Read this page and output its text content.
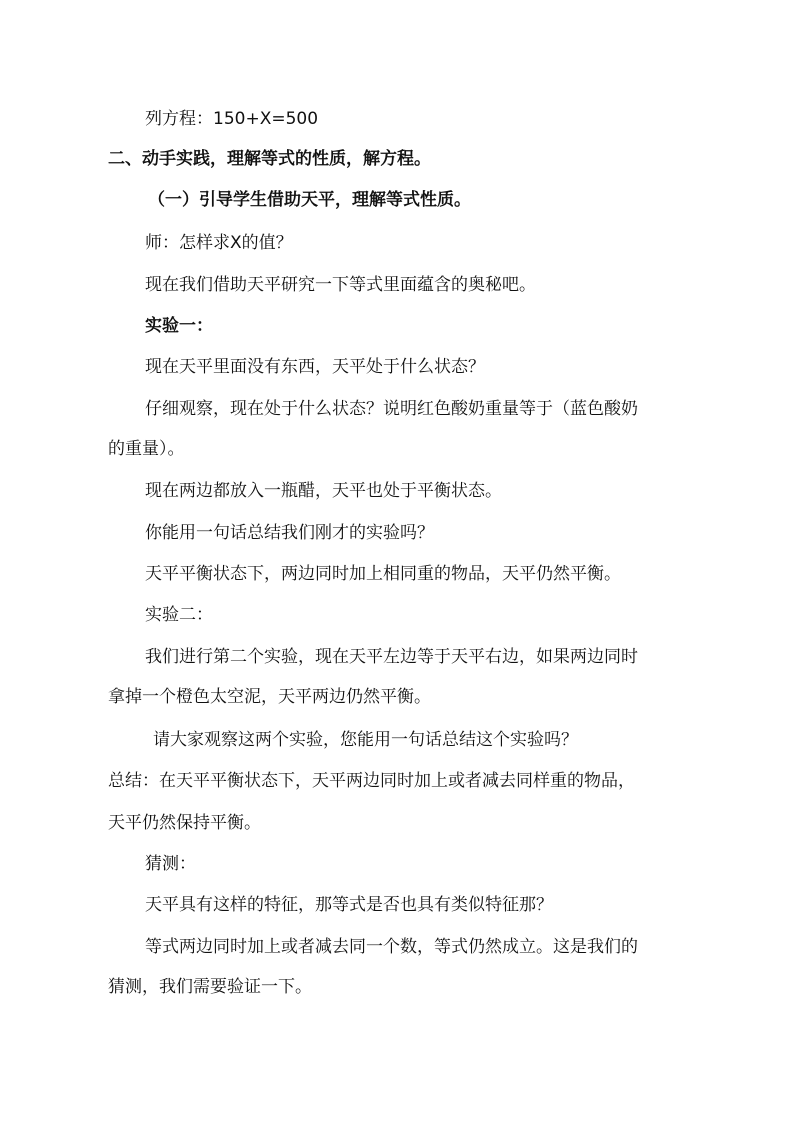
列方程：150+X=500
二、动手实践，理解等式的性质，解方程。
（一）引导学生借助天平，理解等式性质。
师：怎样求X的值？
现在我们借助天平研究一下等式里面蕴含的奥秘吧。
实验一：
现在天平里面没有东西，天平处于什么状态？
仔细观察，现在处于什么状态？说明红色酸奶重量等于（蓝色酸奶
的重量）。
现在两边都放入一瓶醋，天平也处于平衡状态。
你能用一句话总结我们刚才的实验吗？
天平平衡状态下，两边同时加上相同重的物品，天平仍然平衡。
实验二：
我们进行第二个实验，现在天平左边等于天平右边，如果两边同时
拿掉一个橙色太空泥，天平两边仍然平衡。
请大家观察这两个实验，您能用一句话总结这个实验吗？
总结：在天平平衡状态下，天平两边同时加上或者减去同样重的物品，
天平仍然保持平衡。
猜测：
天平具有这样的特征，那等式是否也具有类似特征那？
等式两边同时加上或者减去同一个数，等式仍然成立。这是我们的
猜测，我们需要验证一下。
